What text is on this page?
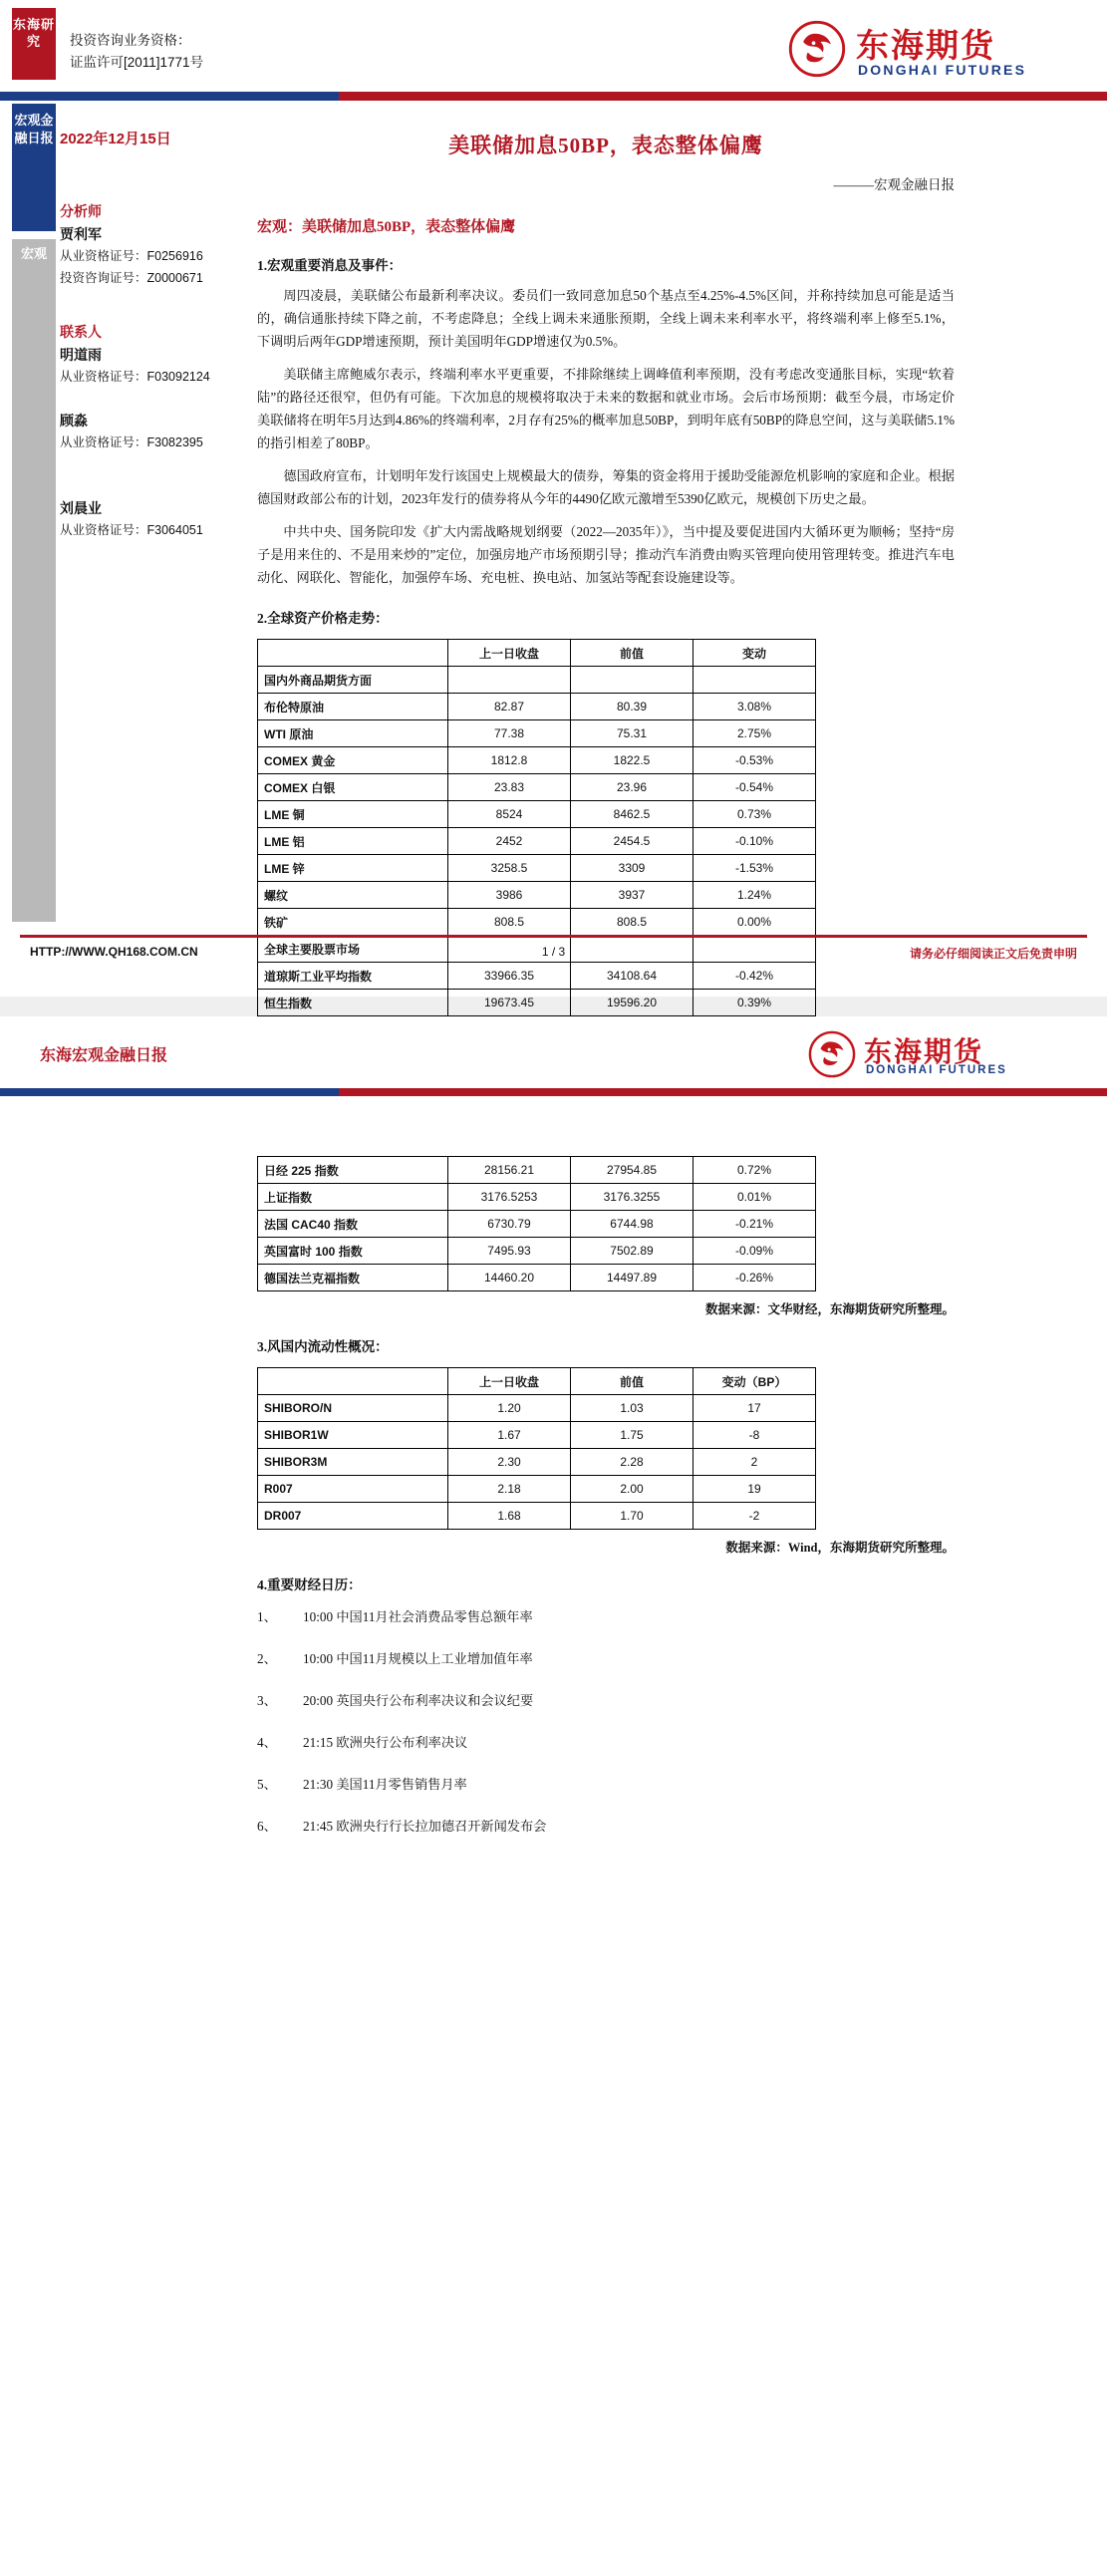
东海研究
宏观金融日报
宏观
投资咨询业务资格：
证监许可[2011]1771号	东海期货
DONGHAI FUTURES
2022年12月15日
分析师
贾利军
从业资格证号：F0256916
投资咨询证号：Z0000671
联系人
明道雨
从业资格证号：F03092124
顾淼
从业资格证号：F3082395
刘晨业
从业资格证号：F3064051
美联储加息50BP，表态整体偏鹰
———宏观金融日报
宏观：美联储加息50BP，表态整体偏鹰
1.宏观重要消息及事件：

周四凌晨，美联储公布最新利率决议。委员们一致同意加息50个基点至4.25%-4.5%区间，并称持续加息可能是适当的，确信通胀持续下降之前，不考虑降息；全线上调未来通胀预期，全线上调未来利率水平，将终端利率上修至5.1%，下调明后两年GDP增速预期，预计美国明年GDP增速仅为0.5%。

美联储主席鲍威尔表示，终端利率水平更重要，不排除继续上调峰值利率预期，没有考虑改变通胀目标，实现“软着陆”的路径还很窄，但仍有可能。下次加息的规模将取决于未来的数据和就业市场。会后市场预期：截至今晨，市场定价美联储将在明年5月达到4.86%的终端利率，2月存有25%的概率加息50BP，到明年底有50BP的降息空间，这与美联储5.1%的指引相差了80BP。

德国政府宣布，计划明年发行该国史上规模最大的债券，筹集的资金将用于援助受能源危机影响的家庭和企业。根据德国财政部公布的计划，2023年发行的债券将从今年的4490亿欧元激增至5390亿欧元，规模创下历史之最。

中共中央、国务院印发《扩大内需战略规划纲要（2022—2035年）》，当中提及要促进国内大循环更为顺畅；坚持“房子是用来住的、不是用来炒的”定位，加强房地产市场预期引导；推动汽车消费由购买管理向使用管理转变。推进汽车电动化、网联化、智能化，加强停车场、充电桩、换电站、加氢站等配套设施建设等。

2.全球资产价格走势：
	上一日收盘	前值	变动
国内外商品期货方面			
布伦特原油	82.87	80.39	3.08%
WTI 原油	77.38	75.31	2.75%
COMEX 黄金	1812.8	1822.5	-0.53%
COMEX 白银	23.83	23.96	-0.54%
LME 铜	8524	8462.5	0.73%
LME 铝	2452	2454.5	-0.10%
LME 锌	3258.5	3309	-1.53%
螺纹	3986	3937	1.24%
铁矿	808.5	808.5	0.00%
全球主要股票市场			
道琼斯工业平均指数	33966.35	34108.64	-0.42%
恒生指数	19673.45	19596.20	0.39%
HTTP://WWW.QH168.COM.CN	1 / 3	请务必仔细阅读正文后免责申明
东海宏观金融日报	东海期货
DONGHAI FUTURES
日经 225 指数	28156.21	27954.85	0.72%
上证指数	3176.5253	3176.3255	0.01%
法国 CAC40 指数	6730.79	6744.98	-0.21%
英国富时 100 指数	7495.93	7502.89	-0.09%
德国法兰克福指数	14460.20	14497.89	-0.26%
数据来源：文华财经，东海期货研究所整理。
3.风国内流动性概况：
	上一日收盘	前值	变动（BP）
SHIBORO/N	1.20	1.03	17
SHIBOR1W	1.67	1.75	-8
SHIBOR3M	2.30	2.28	2
R007	2.18	2.00	19
DR007	1.68	1.70	-2
数据来源：Wind，东海期货研究所整理。
4.重要财经日历：
1、 10:00 中国11月社会消费品零售总额年率
2、 10:00 中国11月规模以上工业增加值年率
3、 20:00 英国央行公布利率决议和会议纪要
4、 21:15 欧洲央行公布利率决议
5、 21:30 美国11月零售销售月率
6、 21:45 欧洲央行行长拉加德召开新闻发布会
